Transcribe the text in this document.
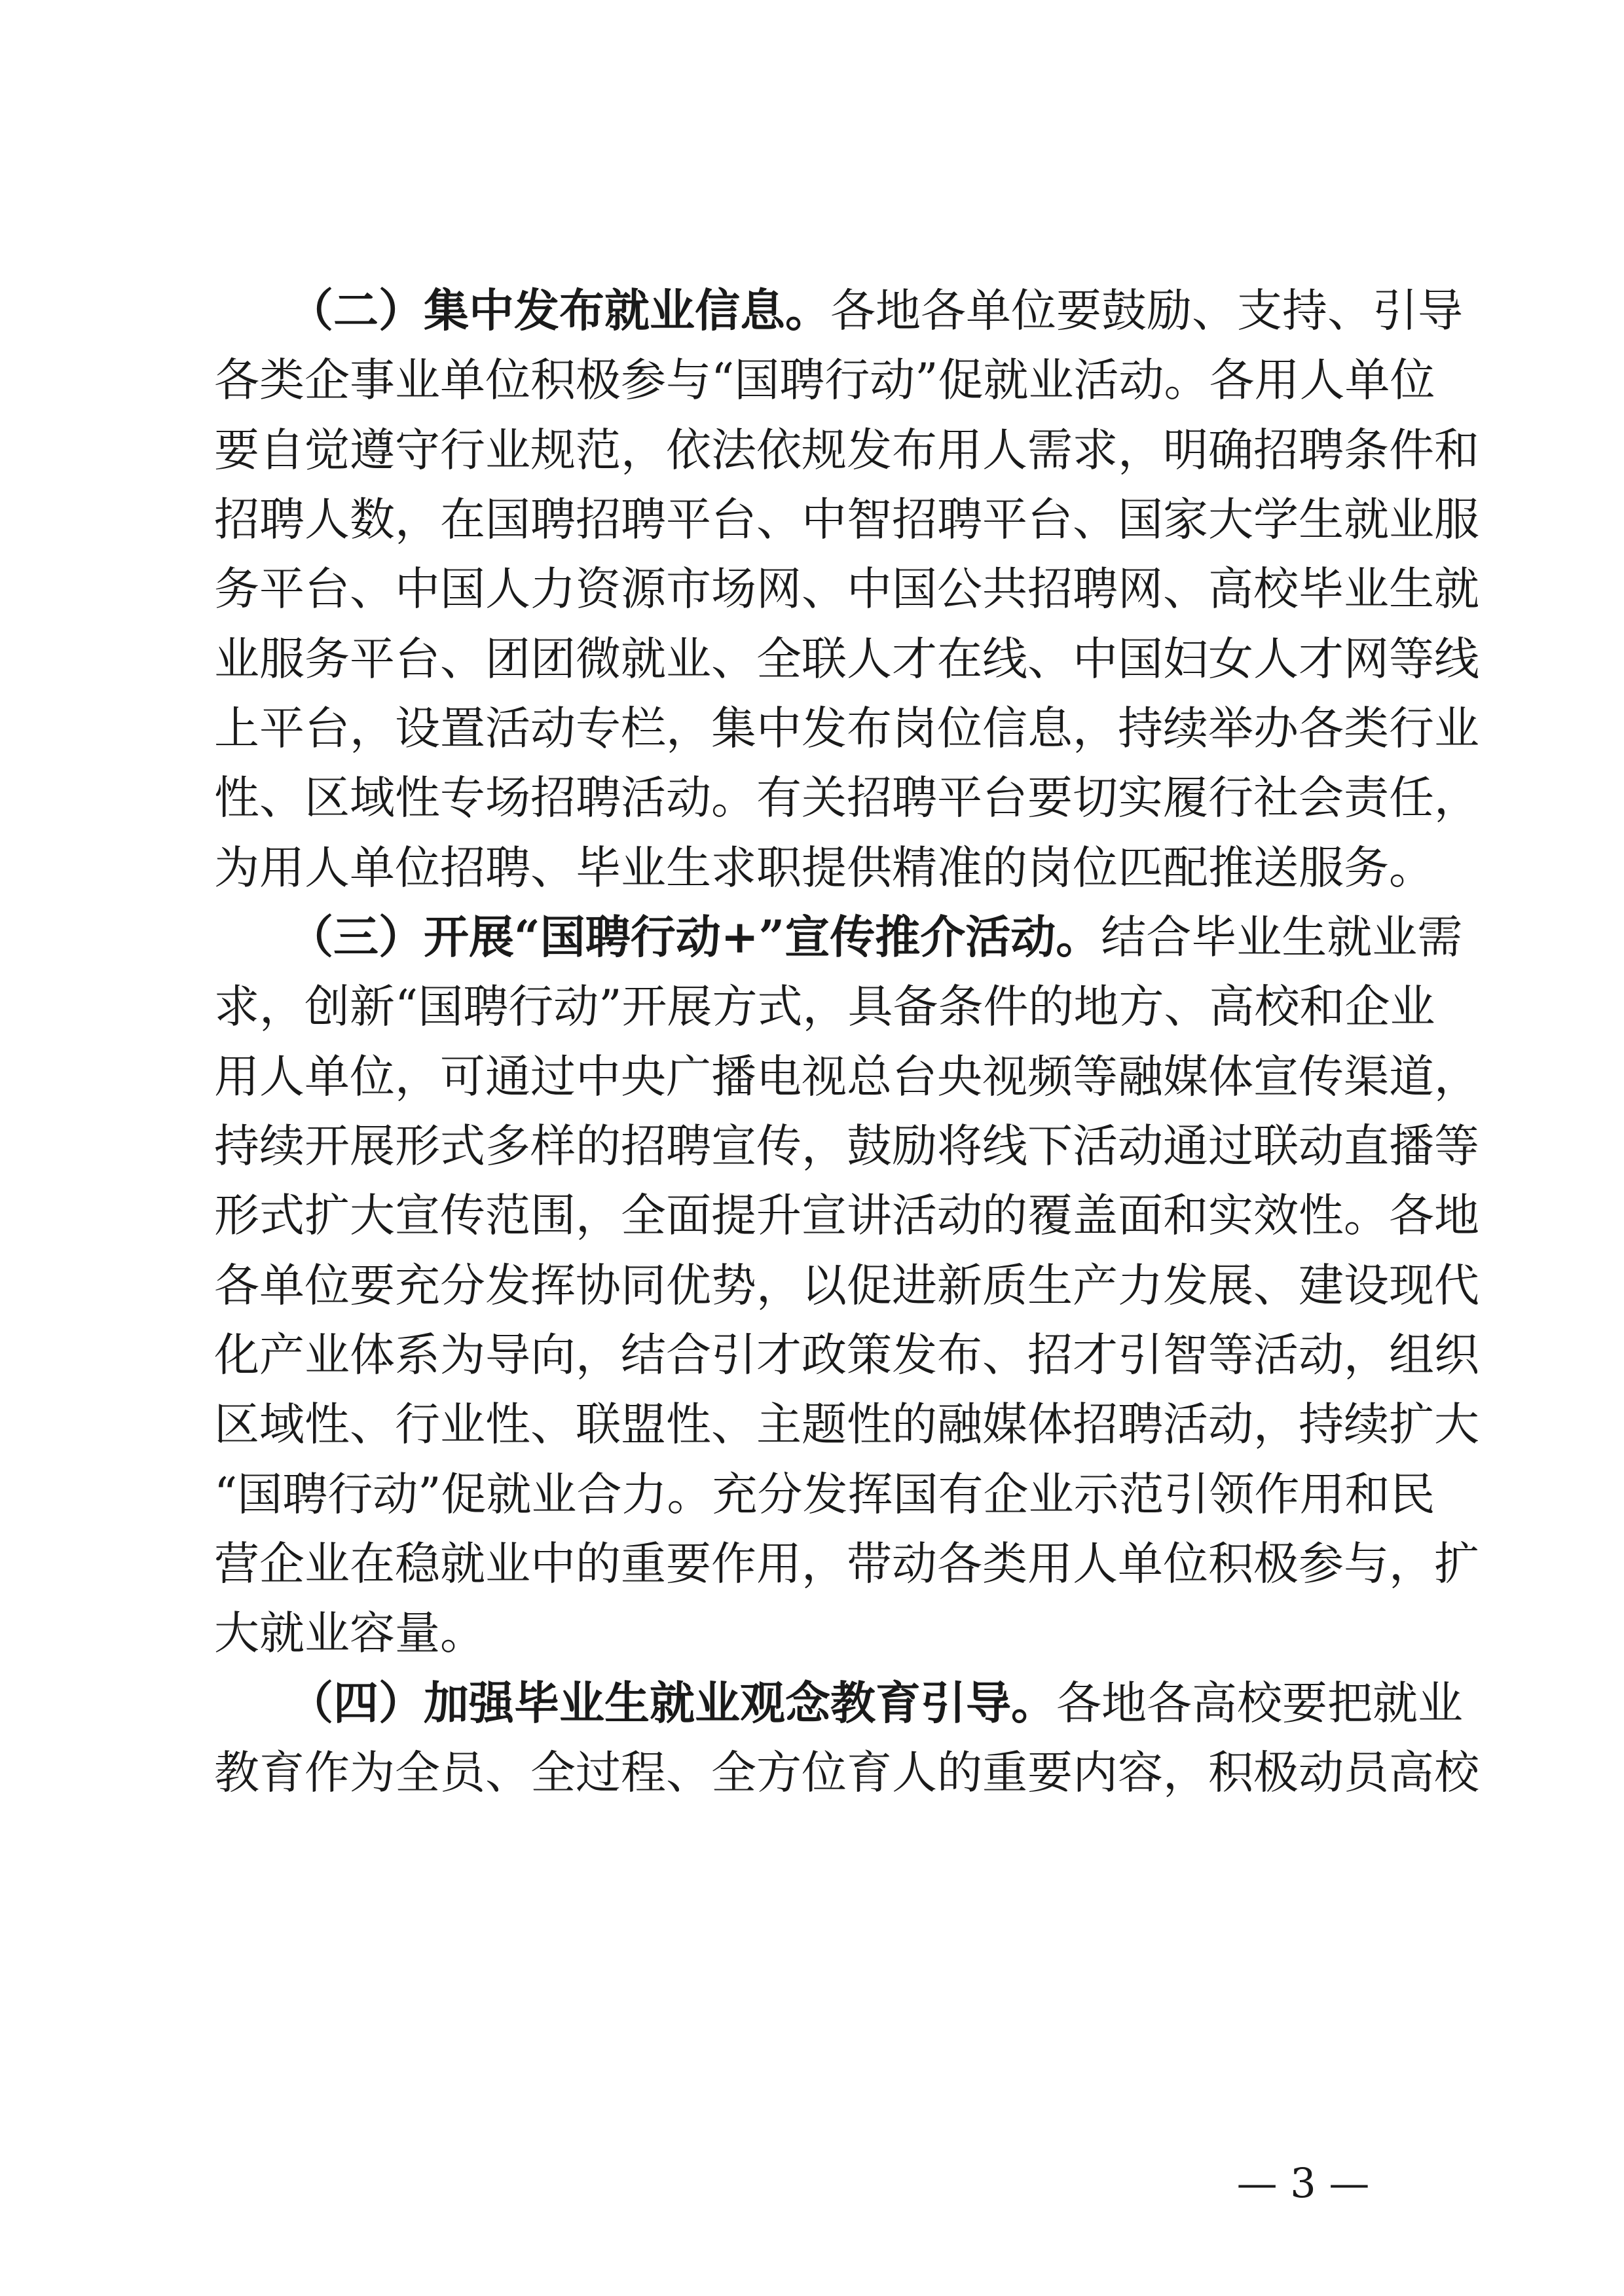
（二）集中发布就业信息。各地各单位要鼓励、支持、引导
各类企事业单位积极参与“国聘行动”促就业活动。各用人单位
要自觉遵守行业规范，依法依规发布用人需求，明确招聘条件和
招聘人数，在国聘招聘平台、中智招聘平台、国家大学生就业服
务平台、中国人力资源市场网、中国公共招聘网、高校毕业生就
业服务平台、团团微就业、全联人才在线、中国妇女人才网等线
上平台，设置活动专栏，集中发布岗位信息，持续举办各类行业
性、区域性专场招聘活动。有关招聘平台要切实履行社会责任，
为用人单位招聘、毕业生求职提供精准的岗位匹配推送服务。
（三）开展“国聘行动+”宣传推介活动。结合毕业生就业需
求，创新“国聘行动”开展方式，具备条件的地方、高校和企业
用人单位，可通过中央广播电视总台央视频等融媒体宣传渠道，
持续开展形式多样的招聘宣传，鼓励将线下活动通过联动直播等
形式扩大宣传范围，全面提升宣讲活动的覆盖面和实效性。各地
各单位要充分发挥协同优势，以促进新质生产力发展、建设现代
化产业体系为导向，结合引才政策发布、招才引智等活动，组织
区域性、行业性、联盟性、主题性的融媒体招聘活动，持续扩大
“国聘行动”促就业合力。充分发挥国有企业示范引领作用和民
营企业在稳就业中的重要作用，带动各类用人单位积极参与，扩
大就业容量。
（四）加强毕业生就业观念教育引导。各地各高校要把就业
教育作为全员、全过程、全方位育人的重要内容，积极动员高校
— 3 —
